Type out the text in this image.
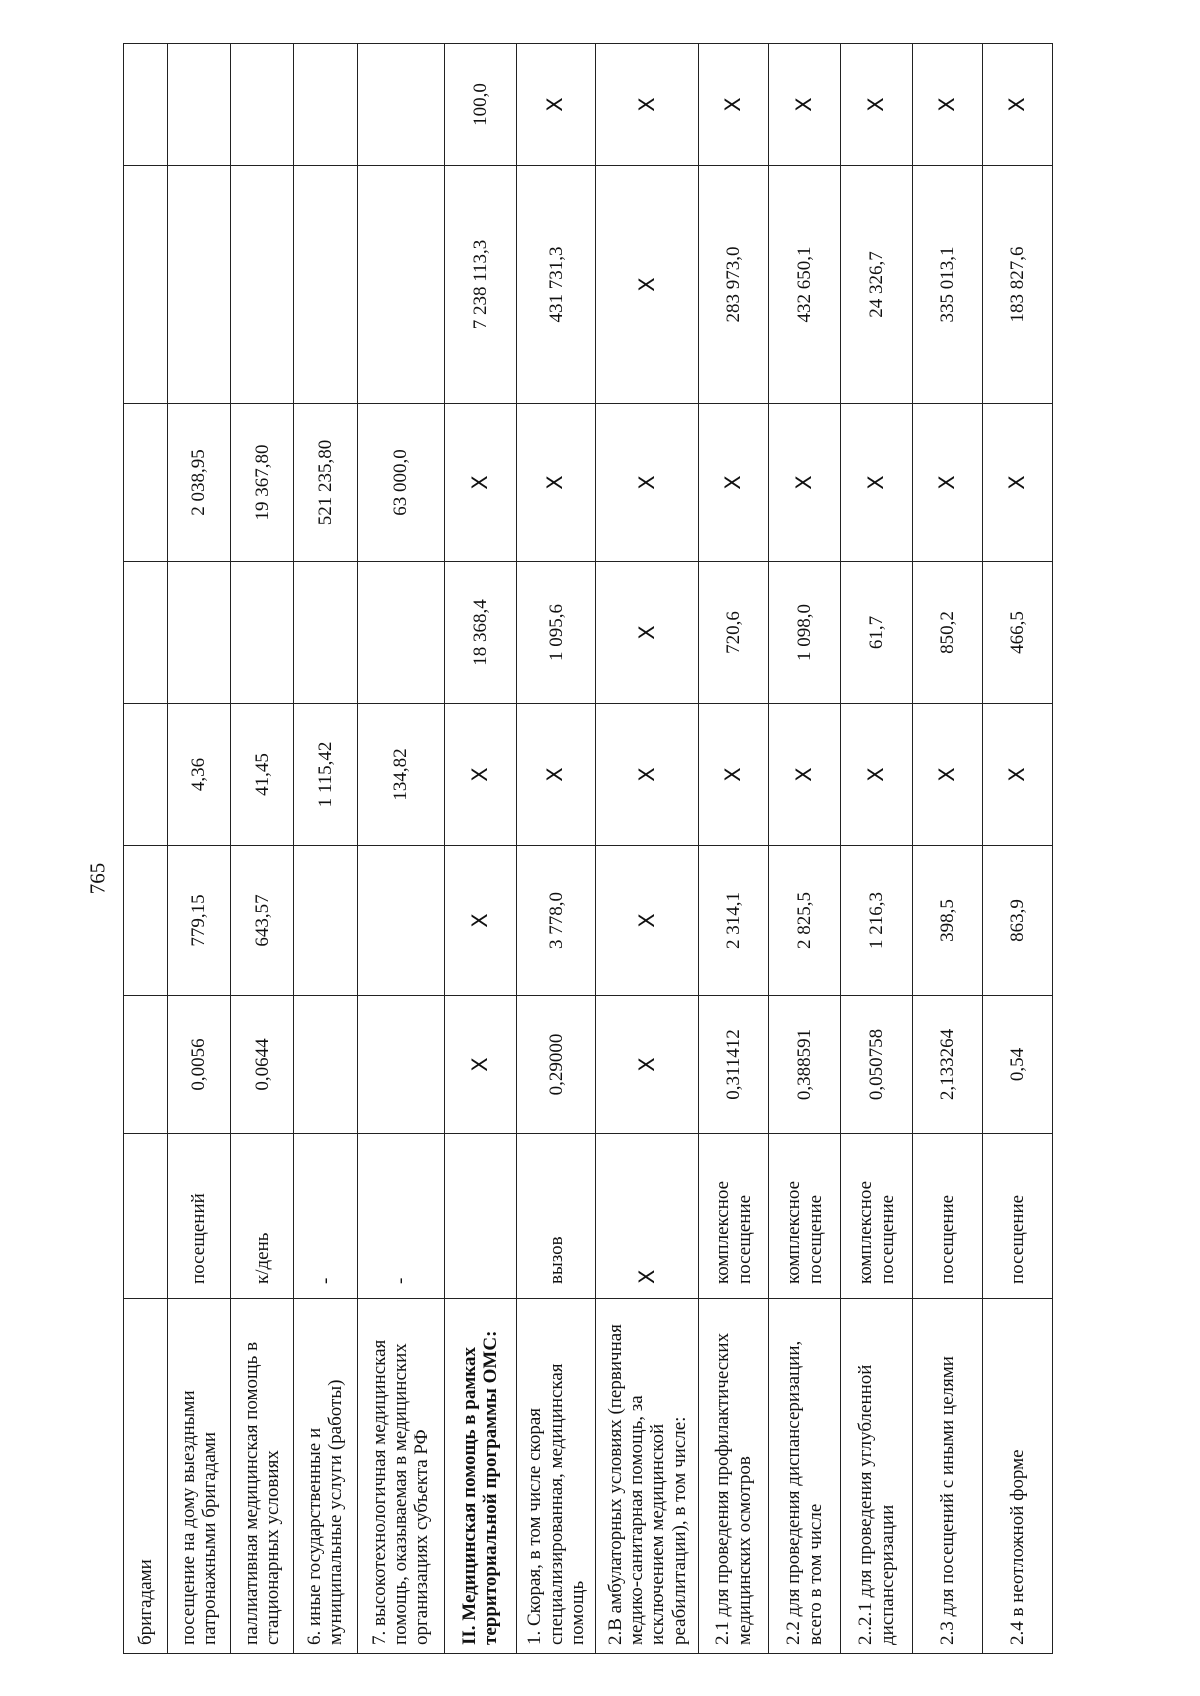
765
бригадами								
посещение на дому выездными патронажными бригадами	посещений	0,0056	779,15	4,36		2 038,95		
паллиативная медицинская помощь в стационарных условиях	к/день	0,0644	643,57	41,45		19 367,80		
6. иные государственные и муниципальные услуги (работы)	-			1 115,42		521 235,80		
7. высокотехнологичная медицинская помощь, оказываемая в медицинских организациях субъекта РФ	-			134,82		63 000,0		
II. Медицинская помощь в рамках территориальной программы ОМС:		X	X	X	18 368,4	X	7 238 113,3	100,0
1. Скорая, в том числе скорая специализированная, медицинская помощь	вызов	0,29000	3 778,0	X	1 095,6	X	431 731,3	X
2.В амбулаторных условиях (первичная медико-санитарная помощь, за исключением медицинской реабилитации), в том числе:	X	X	X	X	X	X	X	X
2.1 для проведения профилактических медицинских осмотров	комплексное посещение	0,311412	2 314,1	X	720,6	X	283 973,0	X
2.2 для проведения диспансеризации, всего в том числе	комплексное посещение	0,388591	2 825,5	X	1 098,0	X	432 650,1	X
2..2.1 для проведения углубленной диспансеризации	комплексное посещение	0,050758	1 216,3	X	61,7	X	24 326,7	X
2.3 для посещений с иными целями	посещение	2,133264	398,5	X	850,2	X	335 013,1	X
2.4 в неотложной форме	посещение	0,54	863,9	X	466,5	X	183 827,6	X
